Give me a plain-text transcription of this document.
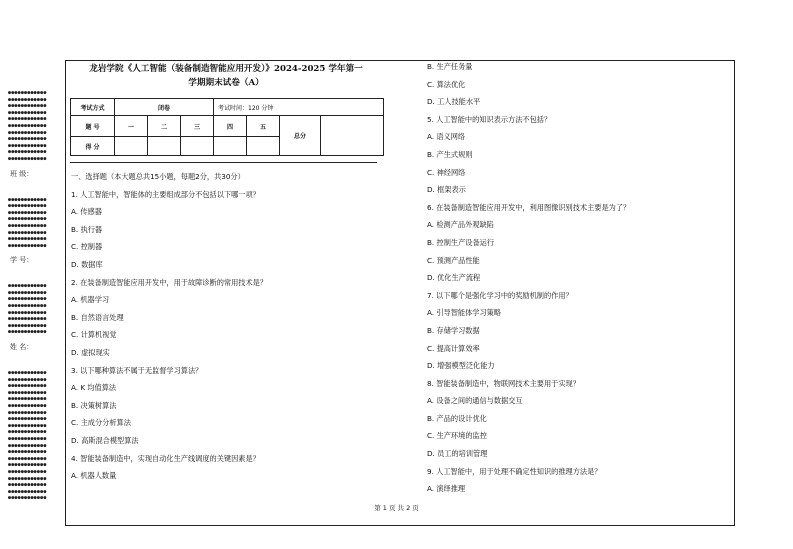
●●●●●●●●●●●●
●●●●●●●●●●●●
●●●●●●●●●●●●
●●●●●●●●●●●●
●●●●●●●●●●●●
●●●●●●●●●●●●
●●●●●●●●●●●●
●●●●●●●●●●●●
●●●●●●●●●●●●
●●●●●●●●●●●●
●●●●●●●●●●●●
班 级：
●●●●●●●●●●●●
●●●●●●●●●●●●
●●●●●●●●●●●●
●●●●●●●●●●●●
●●●●●●●●●●●●
●●●●●●●●●●●●
●●●●●●●●●●●●
●●●●●●●●●●●●
学 号：
●●●●●●●●●●●●
●●●●●●●●●●●●
●●●●●●●●●●●●
●●●●●●●●●●●●
●●●●●●●●●●●●
●●●●●●●●●●●●
●●●●●●●●●●●●
●●●●●●●●●●●●
姓 名：
●●●●●●●●●●●●
●●●●●●●●●●●●
●●●●●●●●●●●●
●●●●●●●●●●●●
●●●●●●●●●●●●
●●●●●●●●●●●●
●●●●●●●●●●●●
●●●●●●●●●●●●
●●●●●●●●●●●●
●●●●●●●●●●●●
●●●●●●●●●●●●
●●●●●●●●●●●●
●●●●●●●●●●●●
●●●●●●●●●●●●
●●●●●●●●●●●●
●●●●●●●●●●●●
●●●●●●●●●●●●
●●●●●●●●●●●●
●●●●●●●●●●●●
●●●●●●●●●●●●
龙岩学院《人工智能（装备制造智能应用开发）》2024-2025 学年第一
学期期末试卷（A）
考试方式	闭卷			考试时间：120 分钟			
题 号	一	二	三	四	五	总分	
得 分							
一、选择题（本大题总共15小题，每题2分，共30分）
1. 人工智能中，智能体的主要组成部分不包括以下哪一项？
A. 传感器
B. 执行器
C. 控制器
D. 数据库
2. 在装备制造智能应用开发中，用于故障诊断的常用技术是？
A. 机器学习
B. 自然语言处理
C. 计算机视觉
D. 虚拟现实
3. 以下哪种算法不属于无监督学习算法？
A. K 均值算法
B. 决策树算法
C. 主成分分析算法
D. 高斯混合模型算法
4. 智能装备制造中，实现自动化生产线调度的关键因素是？
A. 机器人数量
B. 生产任务量
C. 算法优化
D. 工人技能水平
5. 人工智能中的知识表示方法不包括？
A. 语义网络
B. 产生式规则
C. 神经网络
D. 框架表示
6. 在装备制造智能应用开发中，利用图像识别技术主要是为了？
A. 检测产品外观缺陷
B. 控制生产设备运行
C. 预测产品性能
D. 优化生产流程
7. 以下哪个是强化学习中的奖励机制的作用？
A. 引导智能体学习策略
B. 存储学习数据
C. 提高计算效率
D. 增强模型泛化能力
8. 智能装备制造中，物联网技术主要用于实现？
A. 设备之间的通信与数据交互
B. 产品的设计优化
C. 生产环境的监控
D. 员工的培训管理
9. 人工智能中，用于处理不确定性知识的推理方法是？
A. 演绎推理
第 1 页 共 2 页
